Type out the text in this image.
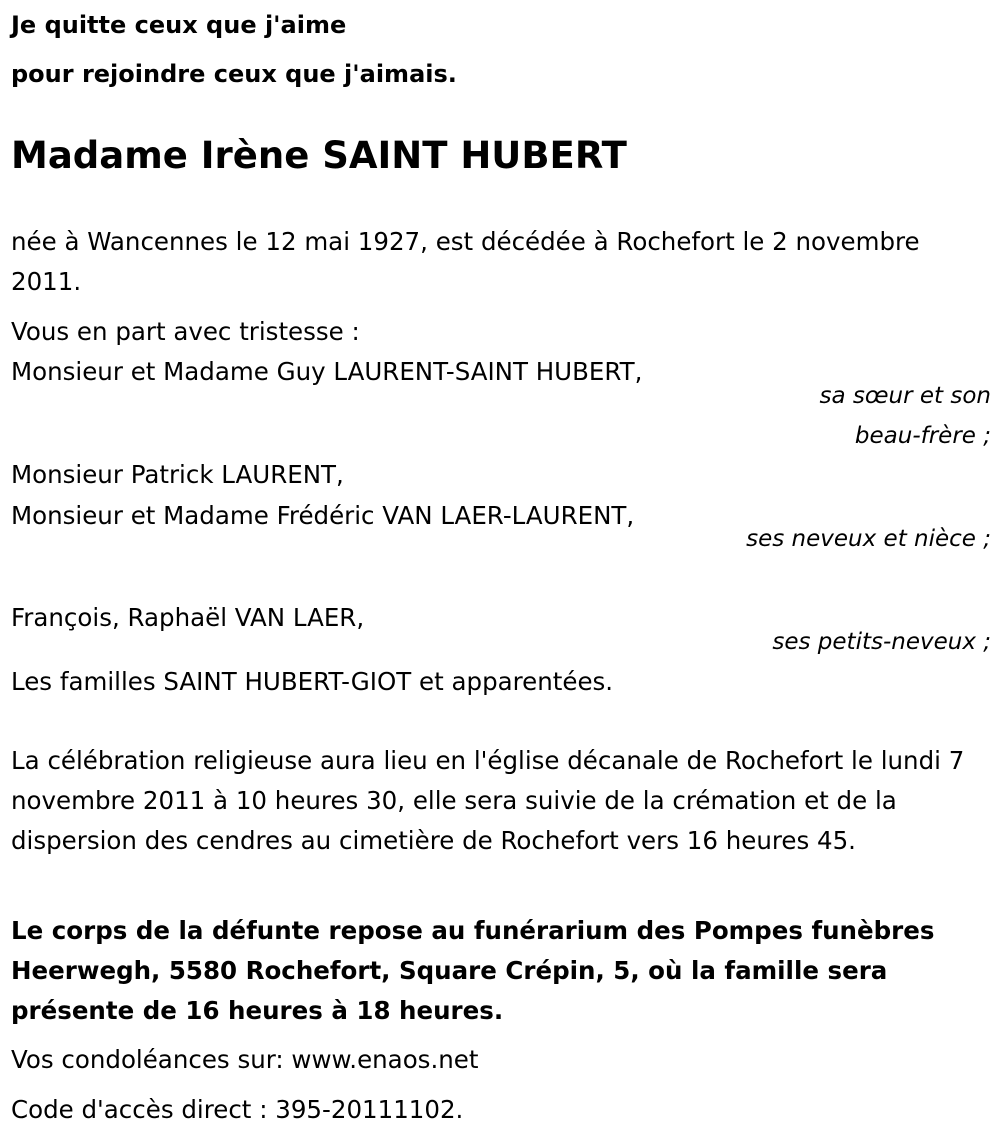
Je quitte ceux que j'aime

pour rejoindre ceux que j'aimais.

Madame Irène SAINT HUBERT

née à Wancennes le 12 mai 1927, est décédée à Rochefort le 2 novembre 2011.

Vous en part avec tristesse :

Monsieur et Madame Guy LAURENT-SAINT HUBERT,

sa sœur et son beau-frère ;

Monsieur Patrick LAURENT,

Monsieur et Madame Frédéric VAN LAER-LAURENT,

ses neveux et nièce ;

François, Raphaël VAN LAER,

ses petits-neveux ;

Les familles SAINT HUBERT-GIOT et apparentées.

La célébration religieuse aura lieu en l'église décanale de Rochefort le lundi 7 novembre 2011 à 10 heures 30, elle sera suivie de la crémation et de la dispersion des cendres au cimetière de Rochefort vers 16 heures 45.

Le corps de la défunte repose au funérarium des Pompes funèbres Heerwegh, 5580 Rochefort, Square Crépin, 5, où la famille sera présente de 16 heures à 18 heures.

Vos condoléances sur: www.enaos.net

Code d'accès direct : 395-20111102.
